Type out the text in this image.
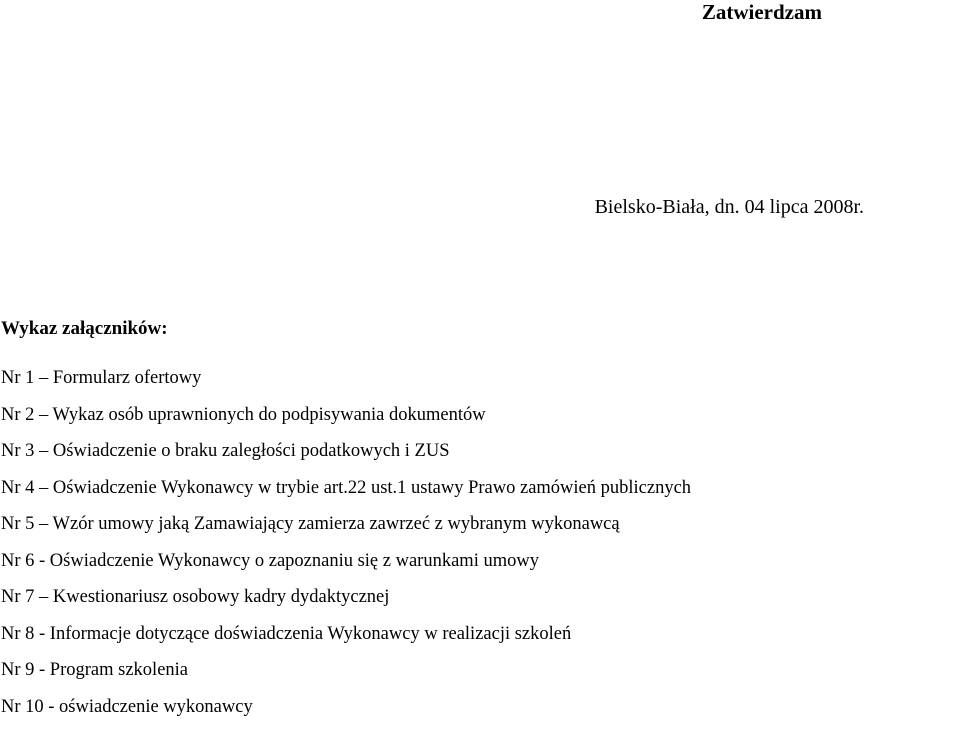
Zatwierdzam
Bielsko-Biała, dn. 04 lipca 2008r.
Wykaz załączników:
Nr 1 – Formularz ofertowy
Nr 2 – Wykaz osób uprawnionych do podpisywania dokumentów
Nr 3 – Oświadczenie o braku zaległości podatkowych i ZUS
Nr 4 – Oświadczenie Wykonawcy w trybie art.22 ust.1 ustawy Prawo zamówień publicznych
Nr 5 – Wzór umowy jaką Zamawiający zamierza zawrzeć z wybranym wykonawcą
Nr 6 - Oświadczenie Wykonawcy o zapoznaniu się z warunkami umowy
Nr 7 – Kwestionariusz osobowy kadry dydaktycznej
Nr 8 - Informacje dotyczące doświadczenia Wykonawcy w realizacji szkoleń
Nr 9 - Program szkolenia
Nr 10 - oświadczenie wykonawcy
